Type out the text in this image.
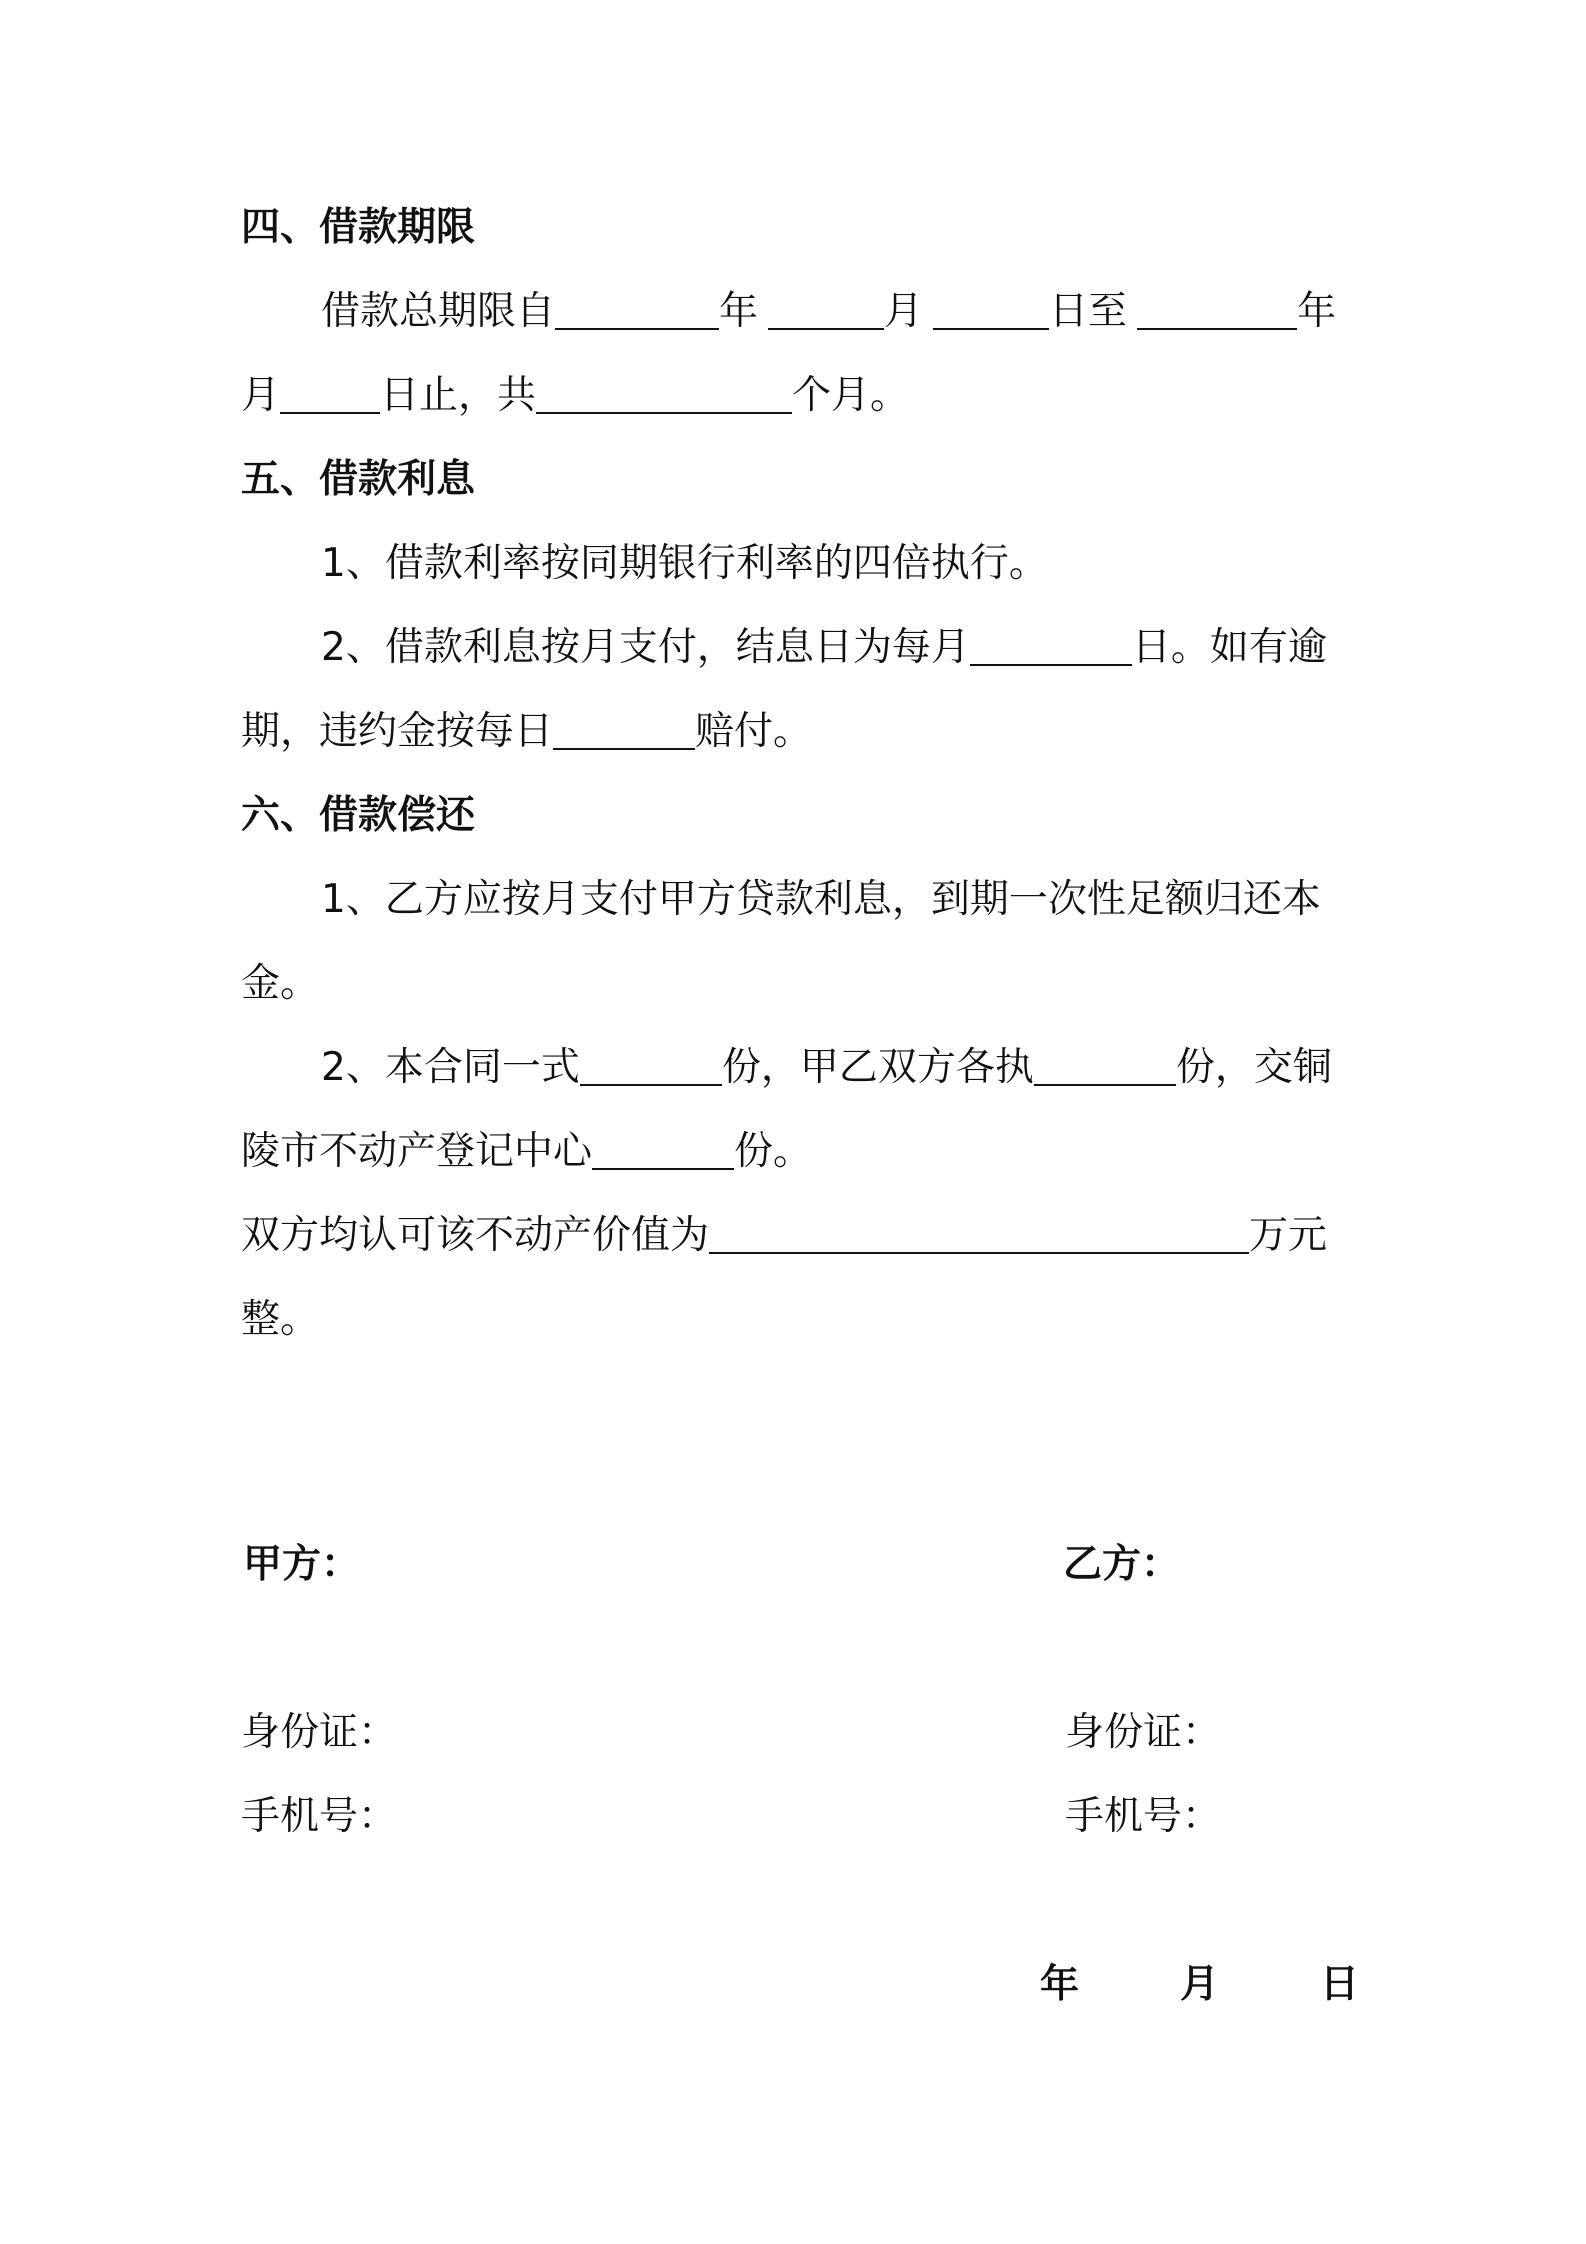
四、借款期限
借款总期限自	年	月	日至	年
月	日止，共	个月。
五、借款利息
1、借款利率按同期银行利率的四倍执行。
2、借款利息按月支付，结息日为每月	日。如有逾
期，违约金按每日	赔付。
六、借款偿还
1、乙方应按月支付甲方贷款利息，到期一次性足额归还本
金。
2、本合同一式	份，甲乙双方各执	份，交铜
陵市不动产登记中心	份。
双方均认可该不动产价值为	万元
整。
甲方：	乙方：
身份证：	身份证：
手机号：	手机号：
年	月	日
